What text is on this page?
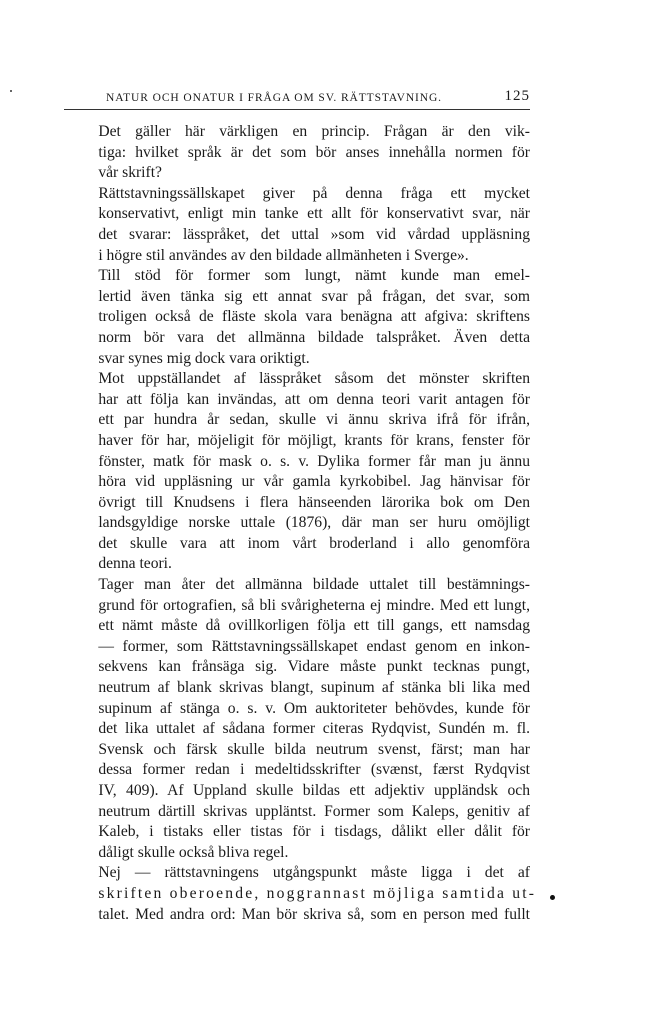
NATUR OCH ONATUR I FRÅGA OM SV. RÄTTSTAVNING.	125

Det gäller här värkligen en princip. Frågan är den vik-
tiga: hvilket språk är det som bör anses innehålla normen för
vår skrift?

Rättstavningssällskapet giver på denna fråga ett mycket
konservativt, enligt min tanke ett allt för konservativt svar, när
det svarar: lässpråket, det uttal »som vid vårdad uppläsning
i högre stil användes av den bildade allmänheten i Sverge».

Till stöd för former som lungt, nämt kunde man emel-
lertid även tänka sig ett annat svar på frågan, det svar, som
troligen också de fläste skola vara benägna att afgiva: skriftens
norm bör vara det allmänna bildade talspråket. Även detta
svar synes mig dock vara oriktigt.

Mot uppställandet af lässpråket såsom det mönster skriften
har att följa kan invändas, att om denna teori varit antagen för
ett par hundra år sedan, skulle vi ännu skriva ifrå för ifrån,
haver för har, möjeligit för möjligt, krants för krans, fenster för
fönster, matk för mask o. s. v. Dylika former får man ju ännu
höra vid uppläsning ur vår gamla kyrkobibel. Jag hänvisar för
övrigt till Knudsens i flera hänseenden lärorika bok om Den
landsgyldige norske uttale (1876), där man ser huru omöjligt
det skulle vara att inom vårt broderland i allo genomföra
denna teori.

Tager man åter det allmänna bildade uttalet till bestämnings-
grund för ortografien, så bli svårigheterna ej mindre. Med ett lungt,
ett nämt måste då ovillkorligen följa ett till gangs, ett namsdag
— former, som Rättstavningssällskapet endast genom en inkon-
sekvens kan frånsäga sig. Vidare måste punkt tecknas pungt,
neutrum af blank skrivas blangt, supinum af stänka bli lika med
supinum af stänga o. s. v. Om auktoriteter behövdes, kunde för
det lika uttalet af sådana former citeras Rydqvist, Sundén m. fl.
Svensk och färsk skulle bilda neutrum svenst, färst; man har
dessa former redan i medeltidsskrifter (svænst, færst Rydqvist
IV, 409). Af Uppland skulle bildas ett adjektiv uppländsk och
neutrum därtill skrivas uppläntst. Former som Kaleps, genitiv af
Kaleb, i tistaks eller tistas för i tisdags, dålikt eller dålit för
dåligt skulle också bliva regel.

Nej — rättstavningens utgångspunkt måste ligga i det af
skriften oberoende, noggrannast möjliga samtida ut-
talet. Med andra ord: Man bör skriva så, som en person med fullt
